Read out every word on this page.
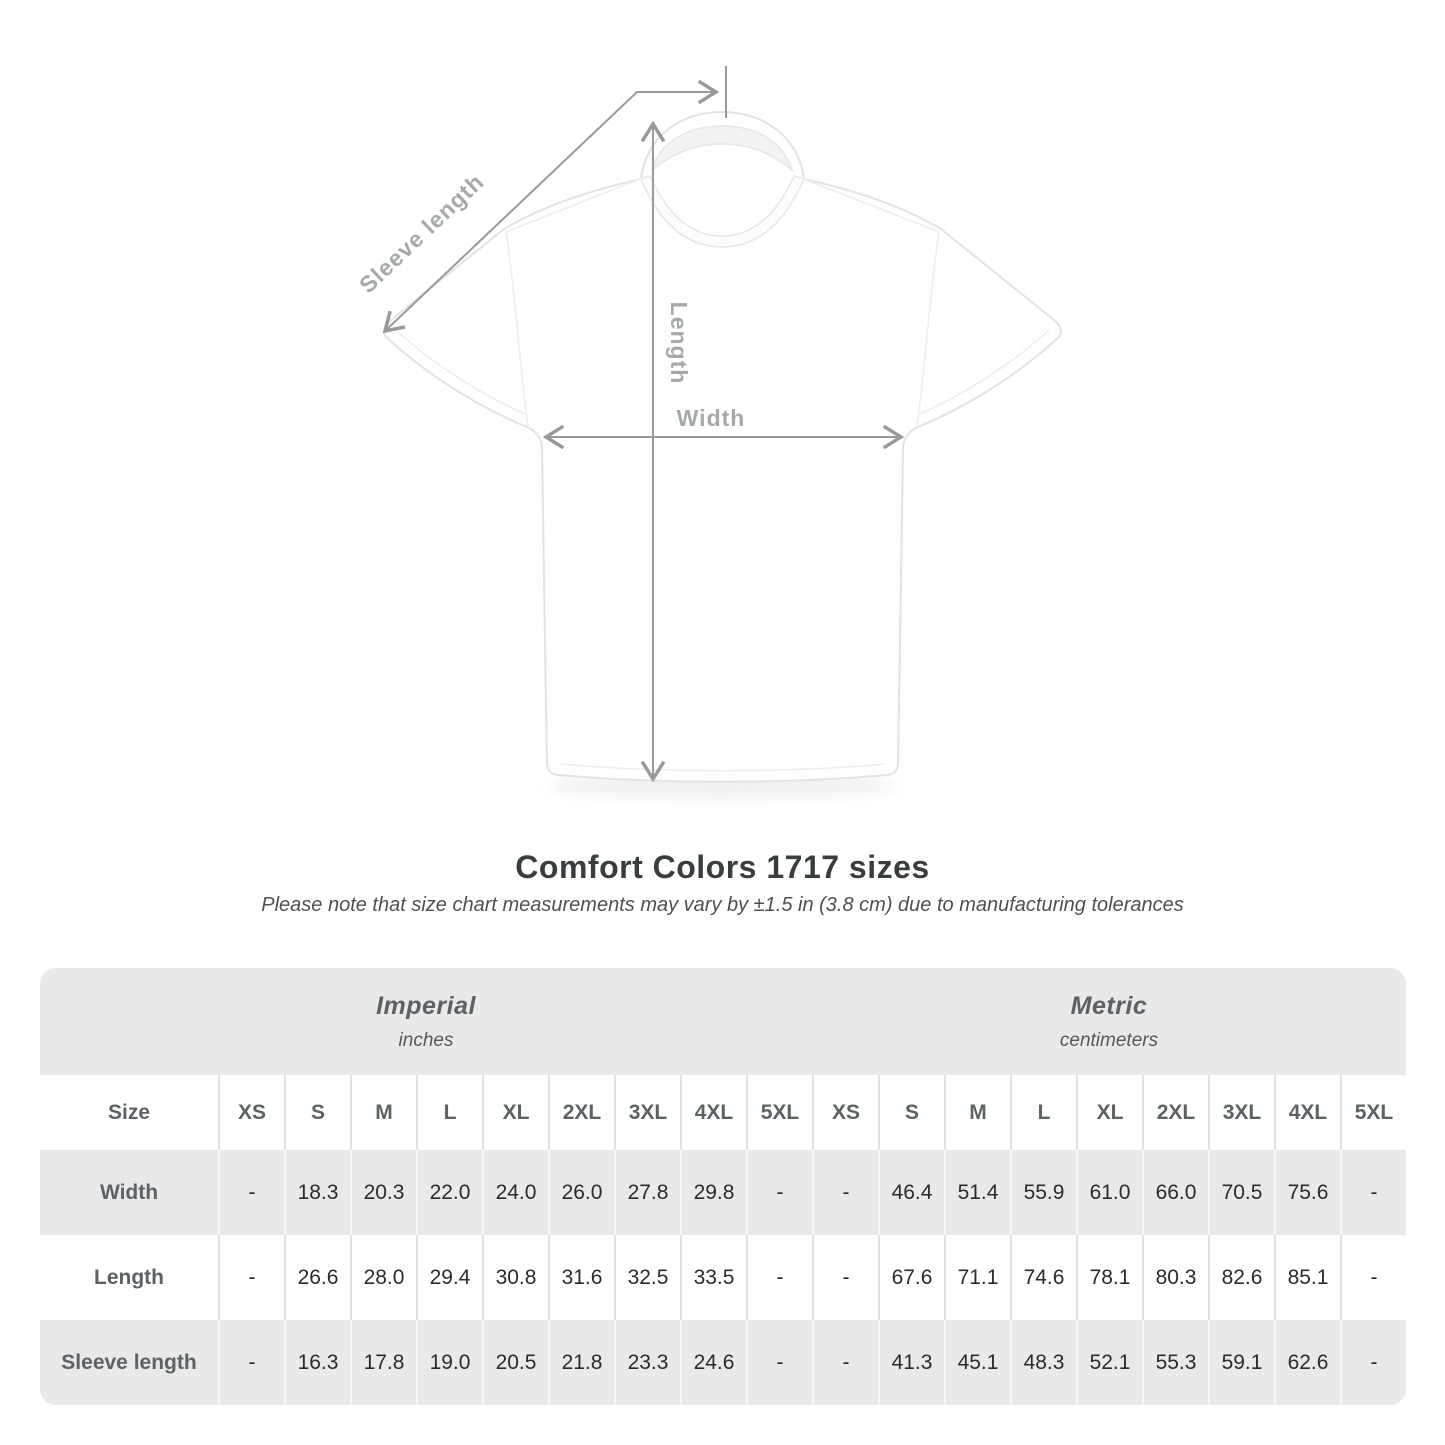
Sleeve length
Length
Width
Comfort Colors 1717 sizes
Please note that size chart measurements may vary by ±1.5 in (3.8 cm) due to manufacturing tolerances
Imperial
inches
Metric
centimeters
Size	XS	S	M	L	XL	2XL	3XL	4XL	5XL	XS	S	M	L	XL	2XL	3XL	4XL	5XL
Width	-	18.3	20.3	22.0	24.0	26.0	27.8	29.8	-	-	46.4	51.4	55.9	61.0	66.0	70.5	75.6	-
Length	-	26.6	28.0	29.4	30.8	31.6	32.5	33.5	-	-	67.6	71.1	74.6	78.1	80.3	82.6	85.1	-
Sleeve length	-	16.3	17.8	19.0	20.5	21.8	23.3	24.6	-	-	41.3	45.1	48.3	52.1	55.3	59.1	62.6	-
